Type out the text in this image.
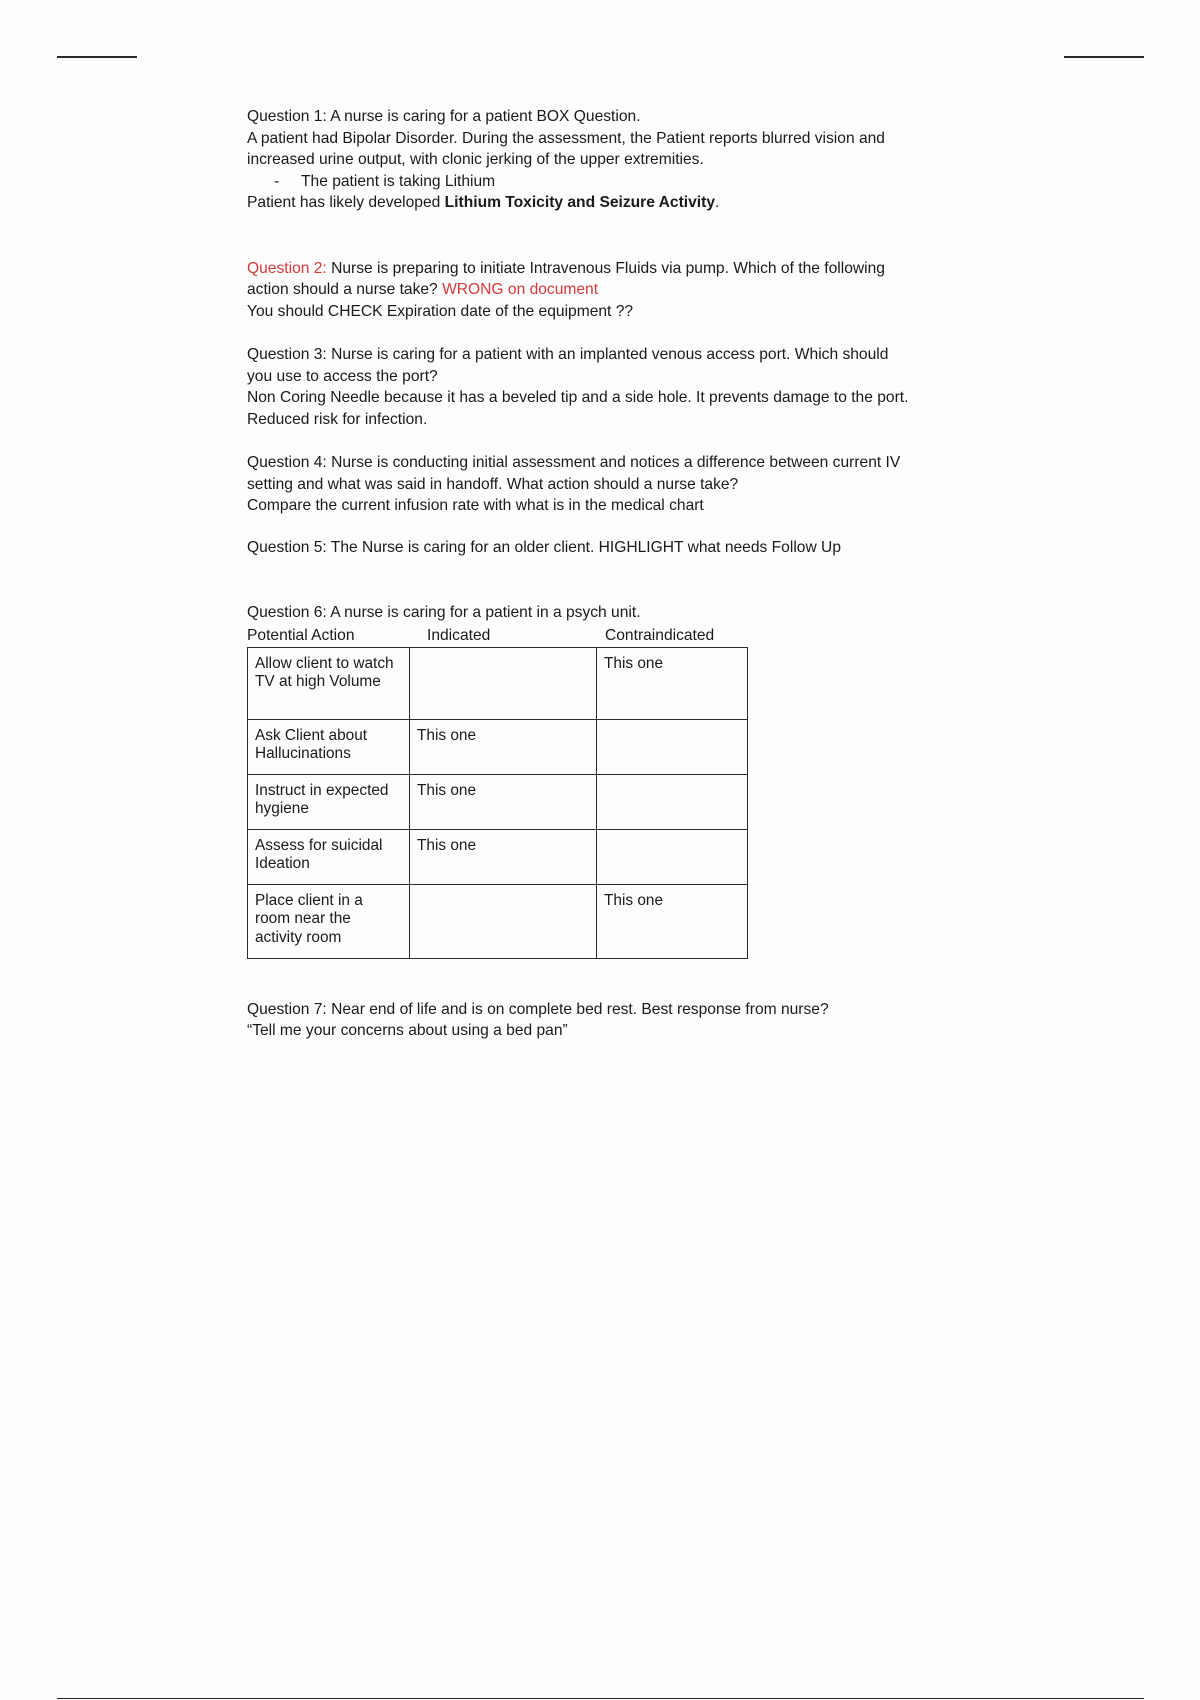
Question 1: A nurse is caring for a patient BOX Question.

A patient had Bipolar Disorder. During the assessment, the Patient reports blurred vision and

increased urine output, with clonic jerking of the upper extremities.

- The patient is taking Lithium

Patient has likely developed Lithium Toxicity and Seizure Activity.

Question 2: Nurse is preparing to initiate Intravenous Fluids via pump. Which of the following

action should a nurse take? WRONG on document

You should CHECK Expiration date of the equipment ??

Question 3: Nurse is caring for a patient with an implanted venous access port. Which should

you use to access the port?

Non Coring Needle because it has a beveled tip and a side hole. It prevents damage to the port.

Reduced risk for infection.

Question 4: Nurse is conducting initial assessment and notices a difference between current IV

setting and what was said in handoff. What action should a nurse take?

Compare the current infusion rate with what is in the medical chart

Question 5: The Nurse is caring for an older client. HIGHLIGHT what needs Follow Up

Question 6: A nurse is caring for a patient in a psych unit.

Potential Action	Indicated	Contraindicated
Allow client to watch TV at high Volume		This one
Ask Client about Hallucinations	This one	
Instruct in expected hygiene	This one	
Assess for suicidal Ideation	This one	
Place client in a room near the activity room		This one

Question 7: Near end of life and is on complete bed rest. Best response from nurse?

“Tell me your concerns about using a bed pan”
